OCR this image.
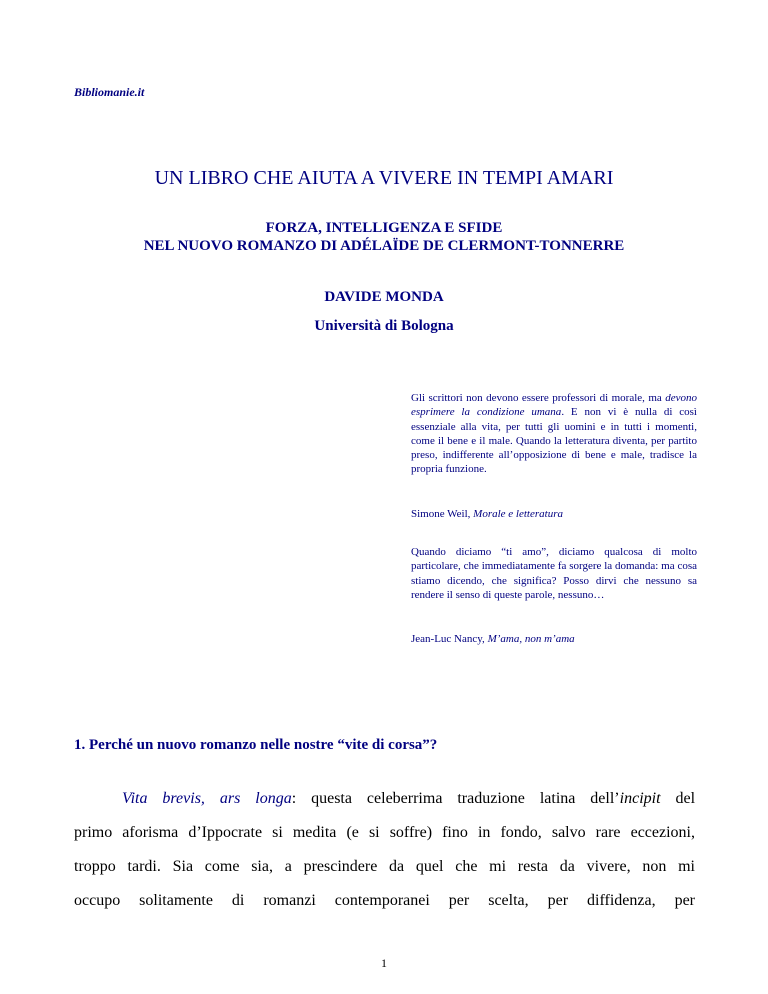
Bibliomanie.it
UN LIBRO CHE AIUTA A VIVERE IN TEMPI AMARI
FORZA, INTELLIGENZA E SFIDE
NEL NUOVO ROMANZO DI ADÉLAÏDE DE CLERMONT-TONNERRE
DAVIDE MONDA
Università di Bologna

Gli scrittori non devono essere professori di morale, ma devono esprimere la condizione umana. E non vi è nulla di così essenziale alla vita, per tutti gli uomini e in tutti i momenti, come il bene e il male. Quando la letteratura diventa, per partito preso, indifferente all’opposizione di bene e male, tradisce la propria funzione.

Simone Weil, Morale e letteratura

Quando diciamo “ti amo”, diciamo qualcosa di molto particolare, che immediatamente fa sorgere la domanda: ma cosa stiamo dicendo, che significa? Posso dirvi che nessuno sa rendere il senso di queste parole, nessuno…

Jean-Luc Nancy, M’ama, non m’ama
1. Perché un nuovo romanzo nelle nostre “vite di corsa”?
Vita brevis, ars longa: questa celeberrima traduzione latina dell’incipit del
primo aforisma d’Ippocrate si medita (e si soffre) fino in fondo, salvo rare eccezioni,
troppo tardi. Sia come sia, a prescindere da quel che mi resta da vivere, non mi
occupo solitamente di romanzi contemporanei per scelta, per diffidenza, per
1
